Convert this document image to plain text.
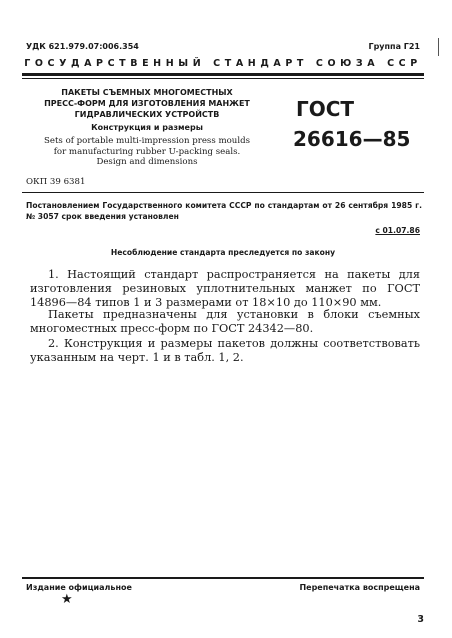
УДК 621.979.07:006.354	Группа Г21
ГОСУДАРСТВЕННЫЙ СТАНДАРТ СОЮЗА ССР
ПАКЕТЫ СЪЕМНЫХ МНОГОМЕСТНЫХ
ПРЕСС-ФОРМ ДЛЯ ИЗГОТОВЛЕНИЯ МАНЖЕТ
ГИДРАВЛИЧЕСКИХ УСТРОЙСТВ
Конструкция и размеры
Sets of portable multi-impression press moulds
for manufacturing rubber U-packing seals.
Design and dimensions
ГОСТ
26616—85
ОКП 39 6381
Постановлением Государственного комитета СССР по стандартам от 26 сентября 1985 г. № 3057 срок введения установлен
с 01.07.86
Несоблюдение стандарта преследуется по закону
1. Настоящий стандарт распространяется на пакеты для изготовления резиновых уплотнительных манжет по ГОСТ 14896—84 типов 1 и 3 размерами от 18×10 до 110×90 мм.
Пакеты предназначены для установки в блоки съемных многоместных пресс-форм по ГОСТ 24342—80.
2. Конструкция и размеры пакетов должны соответствовать указанным на черт. 1 и в табл. 1, 2.
Издание официальное
★
Перепечатка воспрещена
3
